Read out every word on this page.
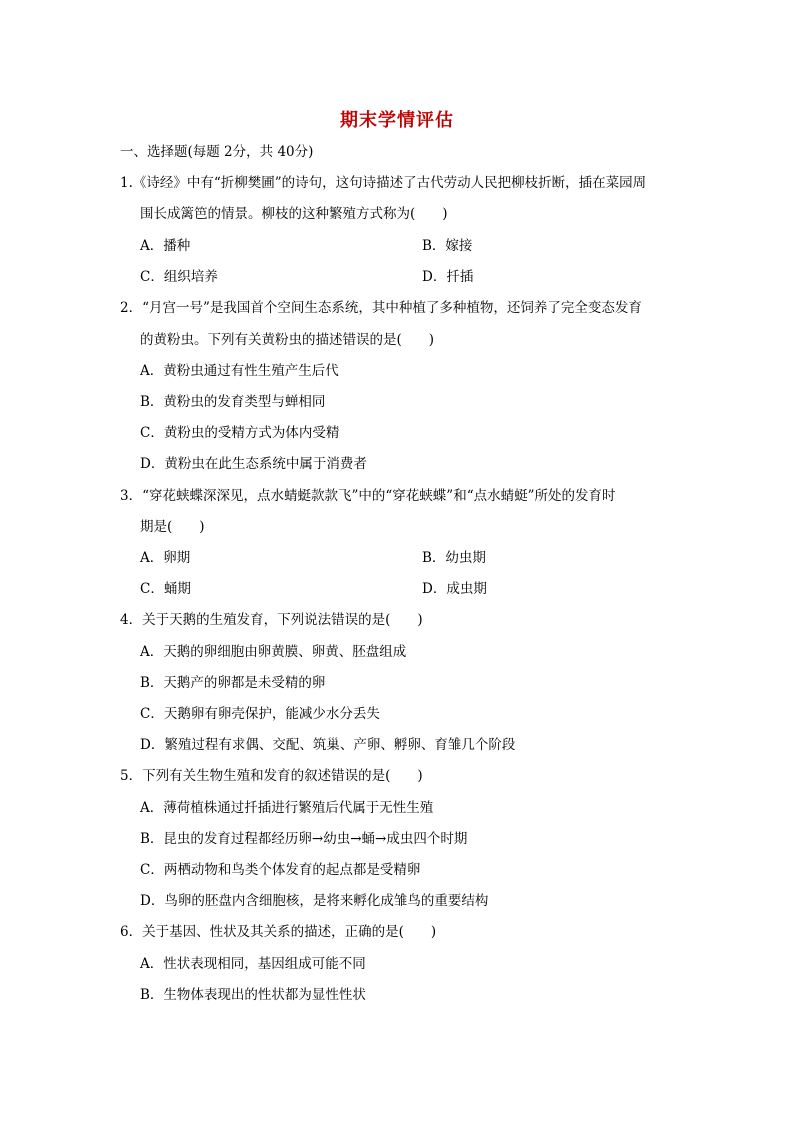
期末学情评估
一、选择题(每题 2分，共 40分)
1.《诗经》中有“折柳樊圃”的诗句，这句诗描述了古代劳动人民把柳枝折断，插在菜园周
围长成篱笆的情景。柳枝的这种繁殖方式称为(　　)
A．播种	B．嫁接
C．组织培养	D．扦插
2．“月宫一号”是我国首个空间生态系统，其中种植了多种植物，还饲养了完全变态发育
的黄粉虫。下列有关黄粉虫的描述错误的是(　　)
A．黄粉虫通过有性生殖产生后代
B．黄粉虫的发育类型与蝉相同
C．黄粉虫的受精方式为体内受精
D．黄粉虫在此生态系统中属于消费者
3．“穿花蛱蝶深深见，点水蜻蜓款款飞”中的“穿花蛱蝶”和“点水蜻蜓”所处的发育时
期是(　　)
A．卵期	B．幼虫期
C．蛹期	D．成虫期
4．关于天鹅的生殖发育，下列说法错误的是(　　)
A．天鹅的卵细胞由卵黄膜、卵黄、胚盘组成
B．天鹅产的卵都是未受精的卵
C．天鹅卵有卵壳保护，能减少水分丢失
D．繁殖过程有求偶、交配、筑巢、产卵、孵卵、育雏几个阶段
5．下列有关生物生殖和发育的叙述错误的是(　　)
A．薄荷植株通过扦插进行繁殖后代属于无性生殖
B．昆虫的发育过程都经历卵→幼虫→蛹→成虫四个时期
C．两栖动物和鸟类个体发育的起点都是受精卵
D．鸟卵的胚盘内含细胞核，是将来孵化成雏鸟的重要结构
6．关于基因、性状及其关系的描述，正确的是(　　)
A．性状表现相同，基因组成可能不同
B．生物体表现出的性状都为显性性状
